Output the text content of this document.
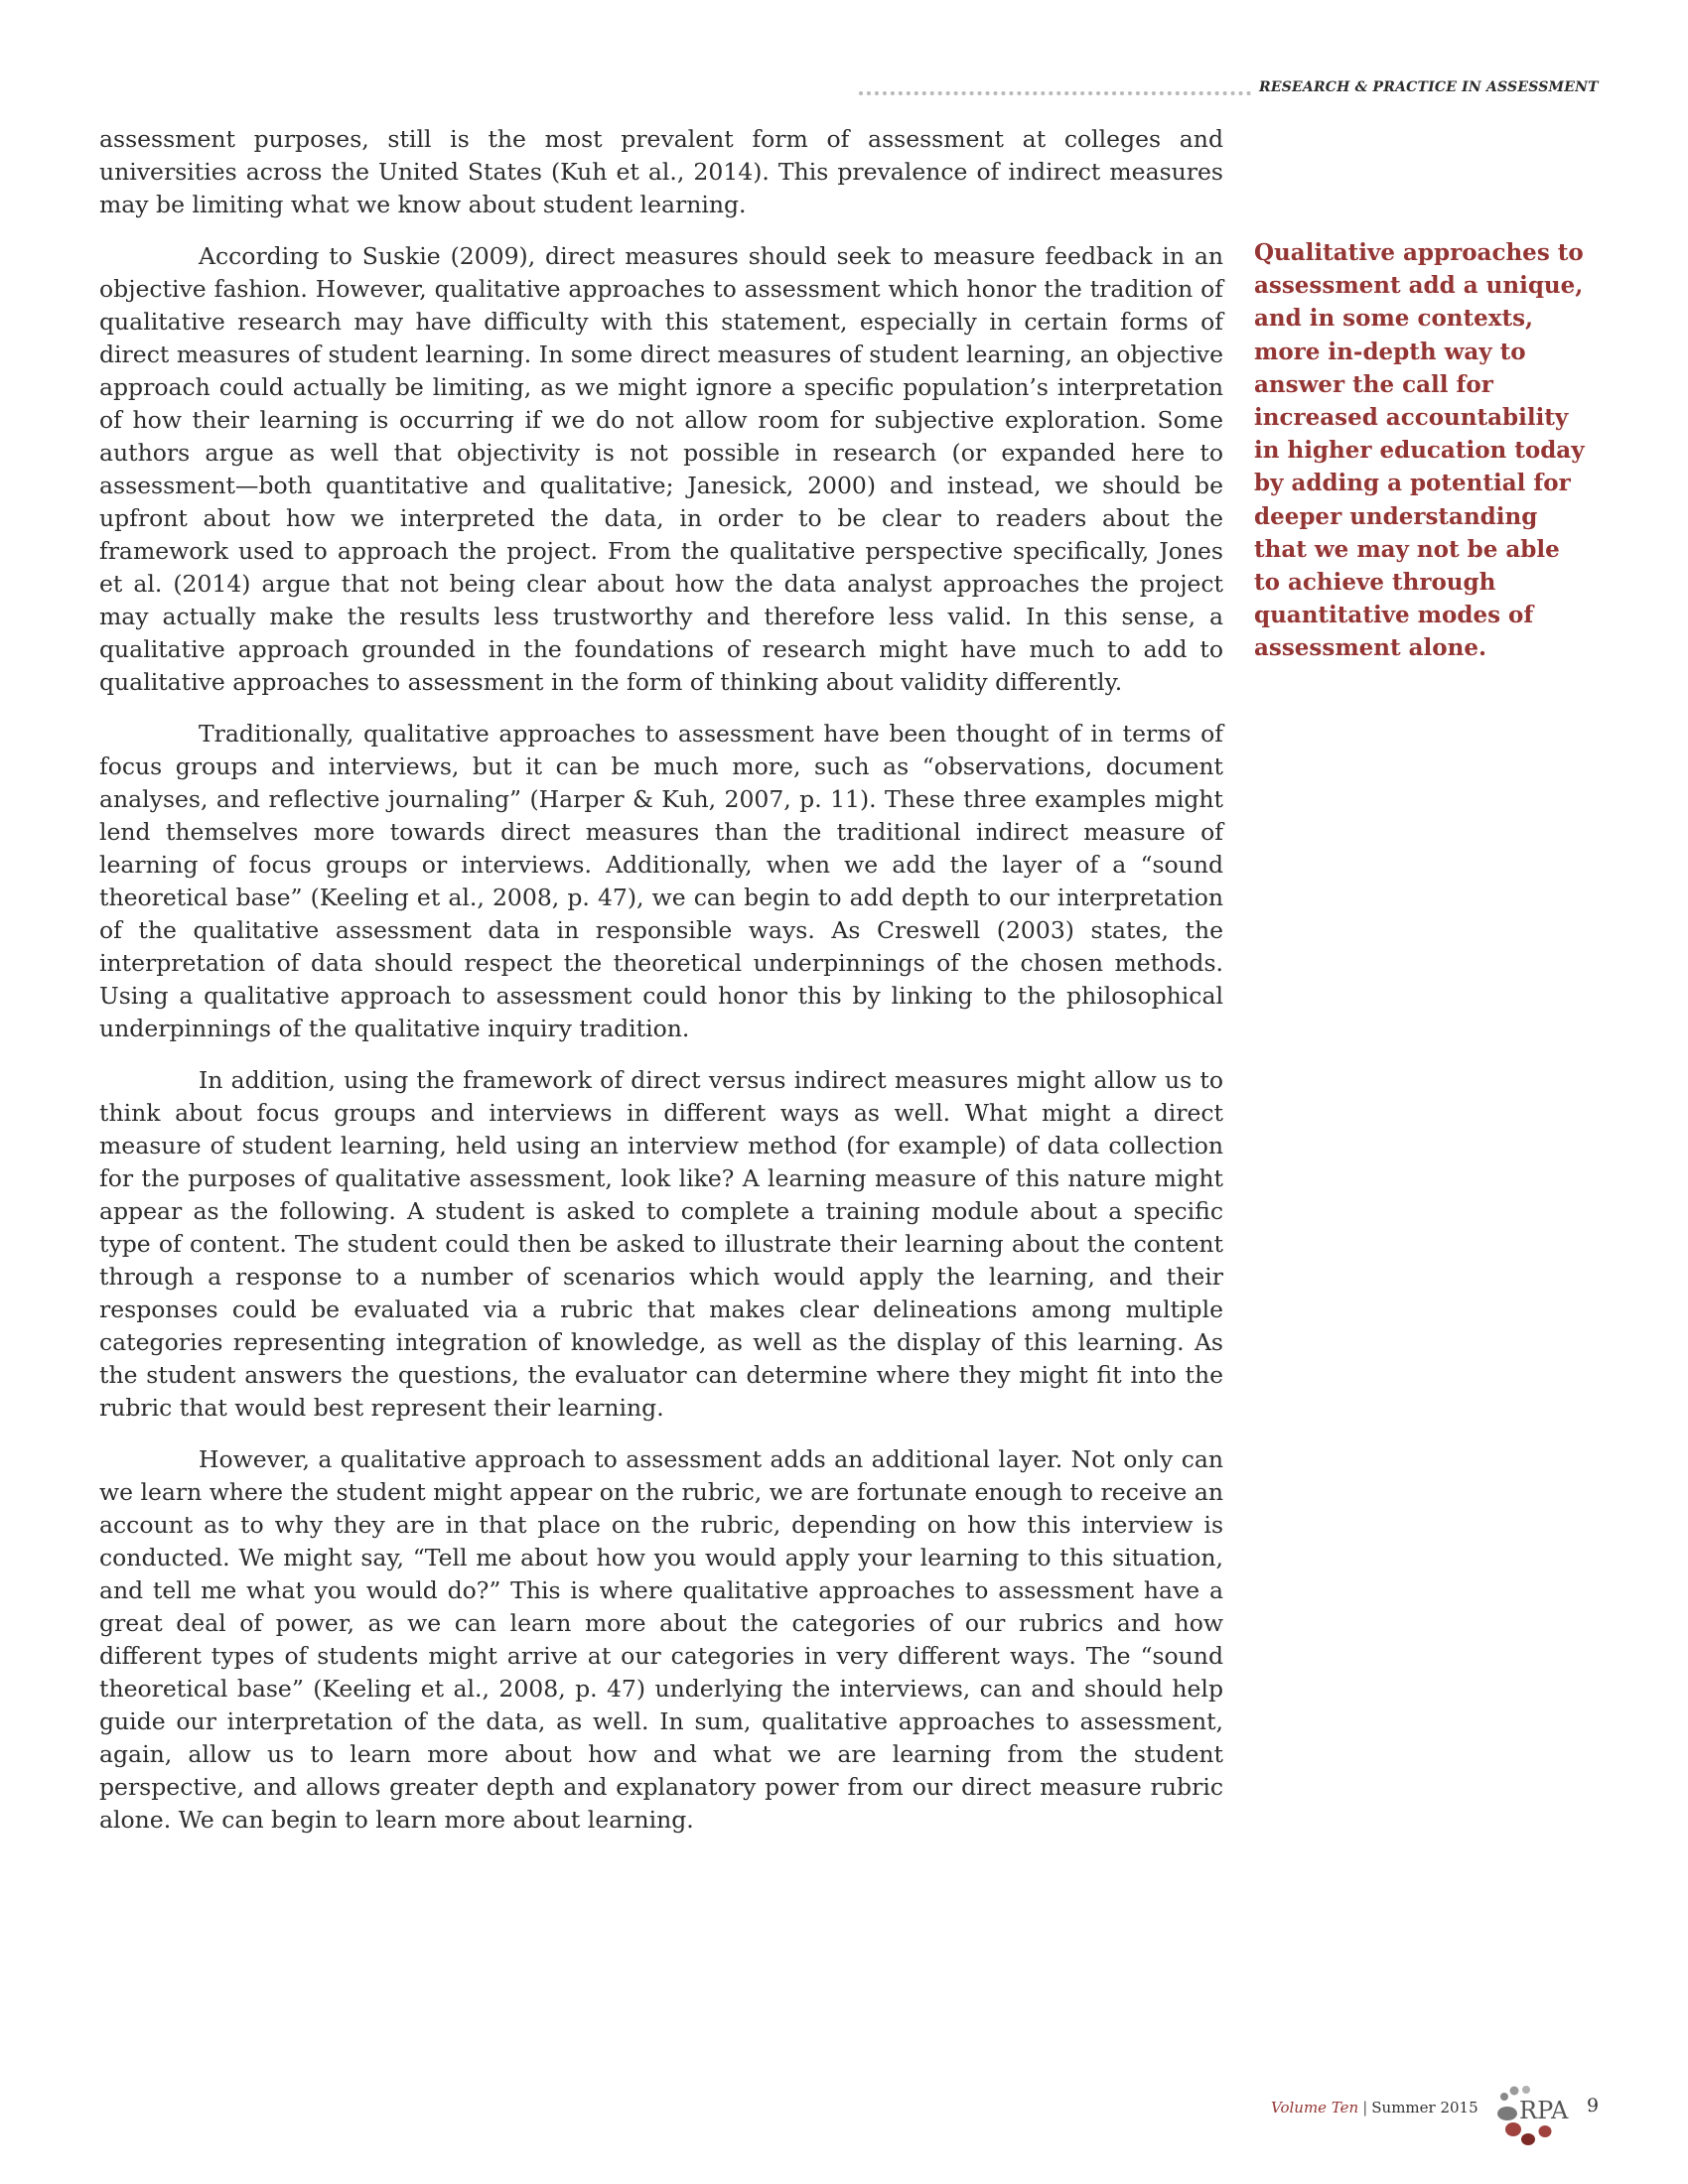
RESEARCH & PRACTICE IN ASSESSMENT

assessment purposes, still is the most prevalent form of assessment at colleges and universities across the United States (Kuh et al., 2014). This prevalence of indirect measures may be limiting what we know about student learning.

According to Suskie (2009), direct measures should seek to measure feedback in an objective fashion. However, qualitative approaches to assessment which honor the tradition of qualitative research may have difficulty with this statement, especially in certain forms of direct measures of student learning. In some direct measures of student learning, an objective approach could actually be limiting, as we might ignore a specific population’s interpretation of how their learning is occurring if we do not allow room for subjective exploration. Some authors argue as well that objectivity is not possible in research (or expanded here to assessment—both quantitative and qualitative; Janesick, 2000) and instead, we should be upfront about how we interpreted the data, in order to be clear to readers about the framework used to approach the project. From the qualitative perspective specifically, Jones et al. (2014) argue that not being clear about how the data analyst approaches the project may actually make the results less trustworthy and therefore less valid. In this sense, a qualitative approach grounded in the foundations of research might have much to add to qualitative approaches to assessment in the form of thinking about validity differently.

Traditionally, qualitative approaches to assessment have been thought of in terms of focus groups and interviews, but it can be much more, such as “observations, document analyses, and reflective journaling” (Harper & Kuh, 2007, p. 11). These three examples might lend themselves more towards direct measures than the traditional indirect measure of learning of focus groups or interviews. Additionally, when we add the layer of a “sound theoretical base” (Keeling et al., 2008, p. 47), we can begin to add depth to our interpretation of the qualitative assessment data in responsible ways. As Creswell (2003) states, the interpretation of data should respect the theoretical underpinnings of the chosen methods. Using a qualitative approach to assessment could honor this by linking to the philosophical underpinnings of the qualitative inquiry tradition.

In addition, using the framework of direct versus indirect measures might allow us to think about focus groups and interviews in different ways as well. What might a direct measure of student learning, held using an interview method (for example) of data collection for the purposes of qualitative assessment, look like? A learning measure of this nature might appear as the following. A student is asked to complete a training module about a specific type of content. The student could then be asked to illustrate their learning about the content through a response to a number of scenarios which would apply the learning, and their responses could be evaluated via a rubric that makes clear delineations among multiple categories representing integration of knowledge, as well as the display of this learning. As the student answers the questions, the evaluator can determine where they might fit into the rubric that would best represent their learning.

However, a qualitative approach to assessment adds an additional layer. Not only can we learn where the student might appear on the rubric, we are fortunate enough to receive an account as to why they are in that place on the rubric, depending on how this interview is conducted. We might say, “Tell me about how you would apply your learning to this situation, and tell me what you would do?” This is where qualitative approaches to assessment have a great deal of power, as we can learn more about the categories of our rubrics and how different types of students might arrive at our categories in very different ways. The “sound theoretical base” (Keeling et al., 2008, p. 47) underlying the interviews, can and should help guide our interpretation of the data, as well. In sum, qualitative approaches to assessment, again, allow us to learn more about how and what we are learning from the student perspective, and allows greater depth and explanatory power from our direct measure rubric alone. We can begin to learn more about learning.

Qualitative approaches to assessment add a unique, and in some contexts, more in-depth way to answer the call for increased accountability in higher education today by adding a potential for deeper understanding that we may not be able to achieve through quantitative modes of assessment alone.
Volume Ten | Summer 2015 RPA 9
